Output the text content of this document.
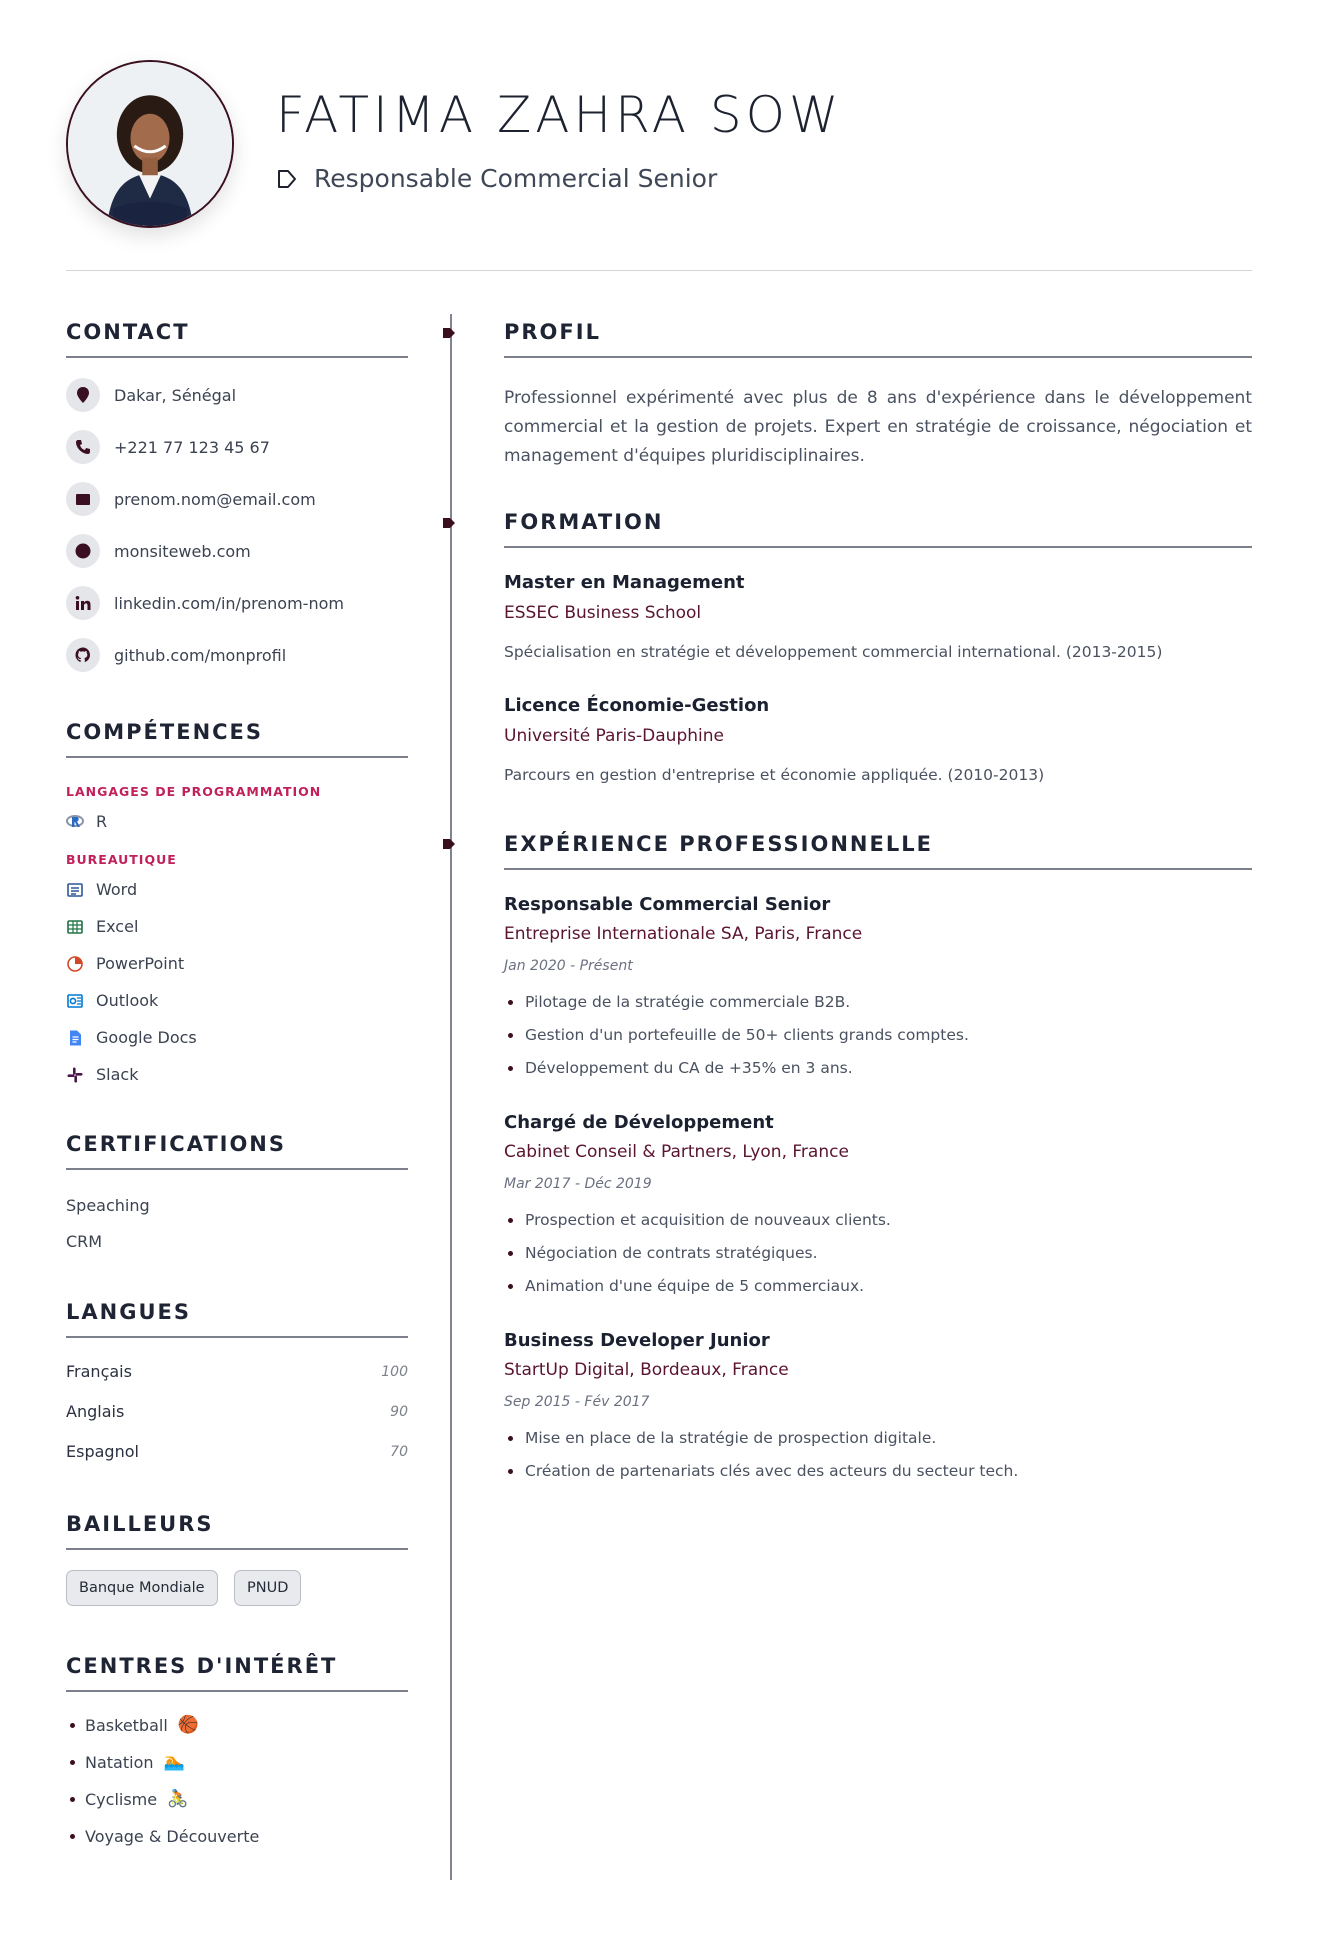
FATIMA ZAHRA SOW
Responsable Commercial Senior
CONTACT
Dakar, Sénégal
+221 77 123 45 67
prenom.nom@email.com
monsiteweb.com
linkedin.com/in/prenom-nom
github.com/monprofil
COMPÉTENCES
LANGAGES DE PROGRAMMATION
R
BUREAUTIQUE
Word
Excel
PowerPoint
Outlook
Google Docs
Slack
CERTIFICATIONS
Speaching
CRM
LANGUES
Français	100
Anglais	90
Espagnol	70
BAILLEURS
Banque Mondiale	PNUD
CENTRES D'INTÉRÊT
Basketball 🏀
Natation 🏊
Cyclisme 🚴
Voyage & Découverte
PROFIL
Professionnel expérimenté avec plus de 8 ans d'expérience dans le développement commercial et la gestion de projets. Expert en stratégie de croissance, négociation et management d'équipes pluridisciplinaires.
FORMATION
Master en Management
ESSEC Business School
Spécialisation en stratégie et développement commercial international. (2013-2015)
Licence Économie-Gestion
Université Paris-Dauphine
Parcours en gestion d'entreprise et économie appliquée. (2010-2013)
EXPÉRIENCE PROFESSIONNELLE
Responsable Commercial Senior
Entreprise Internationale SA, Paris, France
Jan 2020 - Présent
Pilotage de la stratégie commerciale B2B.
Gestion d'un portefeuille de 50+ clients grands comptes.
Développement du CA de +35% en 3 ans.
Chargé de Développement
Cabinet Conseil & Partners, Lyon, France
Mar 2017 - Déc 2019
Prospection et acquisition de nouveaux clients.
Négociation de contrats stratégiques.
Animation d'une équipe de 5 commerciaux.
Business Developer Junior
StartUp Digital, Bordeaux, France
Sep 2015 - Fév 2017
Mise en place de la stratégie de prospection digitale.
Création de partenariats clés avec des acteurs du secteur tech.
